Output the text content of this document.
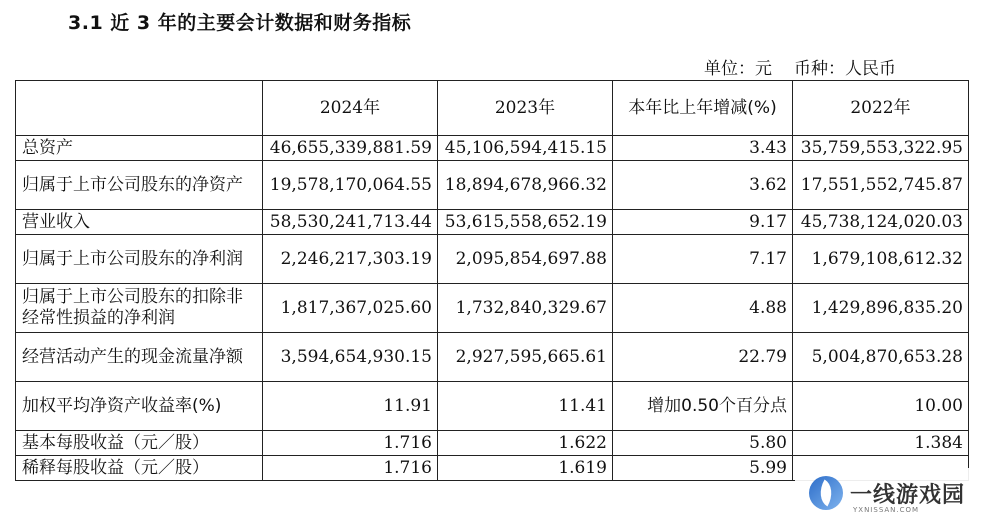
3.1 近 3 年的主要会计数据和财务指标
单位：元 币种：人民币
	2024年	2023年	本年比上年增减(%)	2022年
总资产	46,655,339,881.59	45,106,594,415.15	3.43	35,759,553,322.95
归属于上市公司股东的净资产	19,578,170,064.55	18,894,678,966.32	3.62	17,551,552,745.87
营业收入	58,530,241,713.44	53,615,558,652.19	9.17	45,738,124,020.03
归属于上市公司股东的净利润	2,246,217,303.19	2,095,854,697.88	7.17	1,679,108,612.32
归属于上市公司股东的扣除非经常性损益的净利润	1,817,367,025.60	1,732,840,329.67	4.88	1,429,896,835.20
经营活动产生的现金流量净额	3,594,654,930.15	2,927,595,665.61	22.79	5,004,870,653.28
加权平均净资产收益率(%)	11.91	11.41	增加0.50个百分点	10.00
基本每股收益（元／股）	1.716	1.622	5.80	1.384
稀释每股收益（元／股）	1.716	1.619	5.99	
一线游戏园
YXNISSAN.COM
